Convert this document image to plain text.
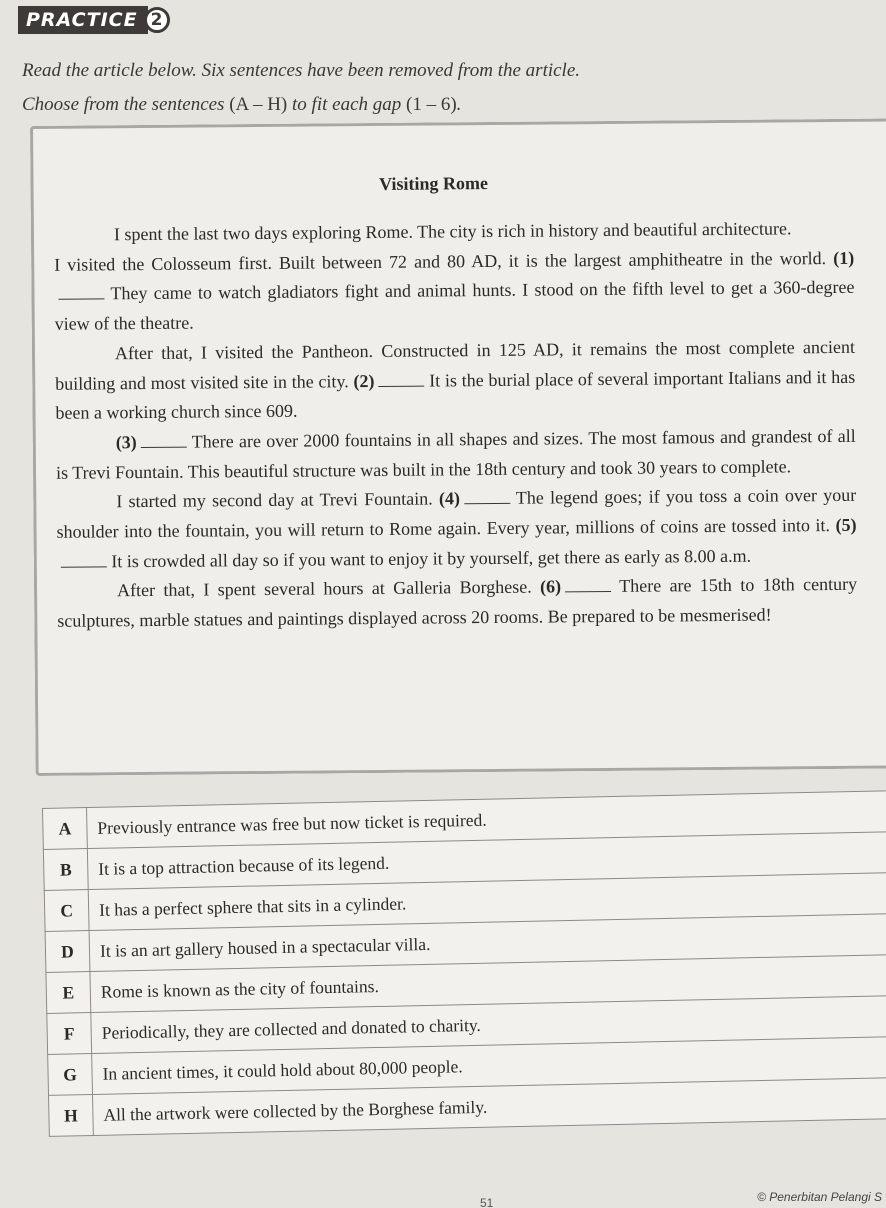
PRACTICE 2
Read the article below. Six sentences have been removed from the article.
Choose from the sentences (A – H) to fit each gap (1 – 6).
Visiting Rome

I spent the last two days exploring Rome. The city is rich in history and beautiful architecture.

I visited the Colosseum first. Built between 72 and 80 AD, it is the largest amphitheatre in the world. (1) They came to watch gladiators fight and animal hunts. I stood on the fifth level to get a 360-degree view of the theatre.

After that, I visited the Pantheon. Constructed in 125 AD, it remains the most complete ancient building and most visited site in the city. (2)	It is the burial place of several important Italians and it has been a working church since 609.

(3)	There are over 2000 fountains in all shapes and sizes. The most famous and grandest of all is Trevi Fountain. This beautiful structure was built in the 18th century and took 30 years to complete.

I started my second day at Trevi Fountain. (4)	The legend goes; if you toss a coin over your shoulder into the fountain, you will return to Rome again. Every year, millions of coins are tossed into it. (5) It is crowded all day so if you want to enjoy it by yourself, get there as early as 8.00 a.m.

After that, I spent several hours at Galleria Borghese. (6)	There are 15th to 18th century sculptures, marble statues and paintings displayed across 20 rooms. Be prepared to be mesmerised!

A	Previously entrance was free but now ticket is required.
B	It is a top attraction because of its legend.
C	It has a perfect sphere that sits in a cylinder.
D	It is an art gallery housed in a spectacular villa.
E	Rome is known as the city of fountains.
F	Periodically, they are collected and donated to charity.
G	In ancient times, it could hold about 80,000 people.
H	All the artwork were collected by the Borghese family.
51	© Penerbitan Pelangi S
